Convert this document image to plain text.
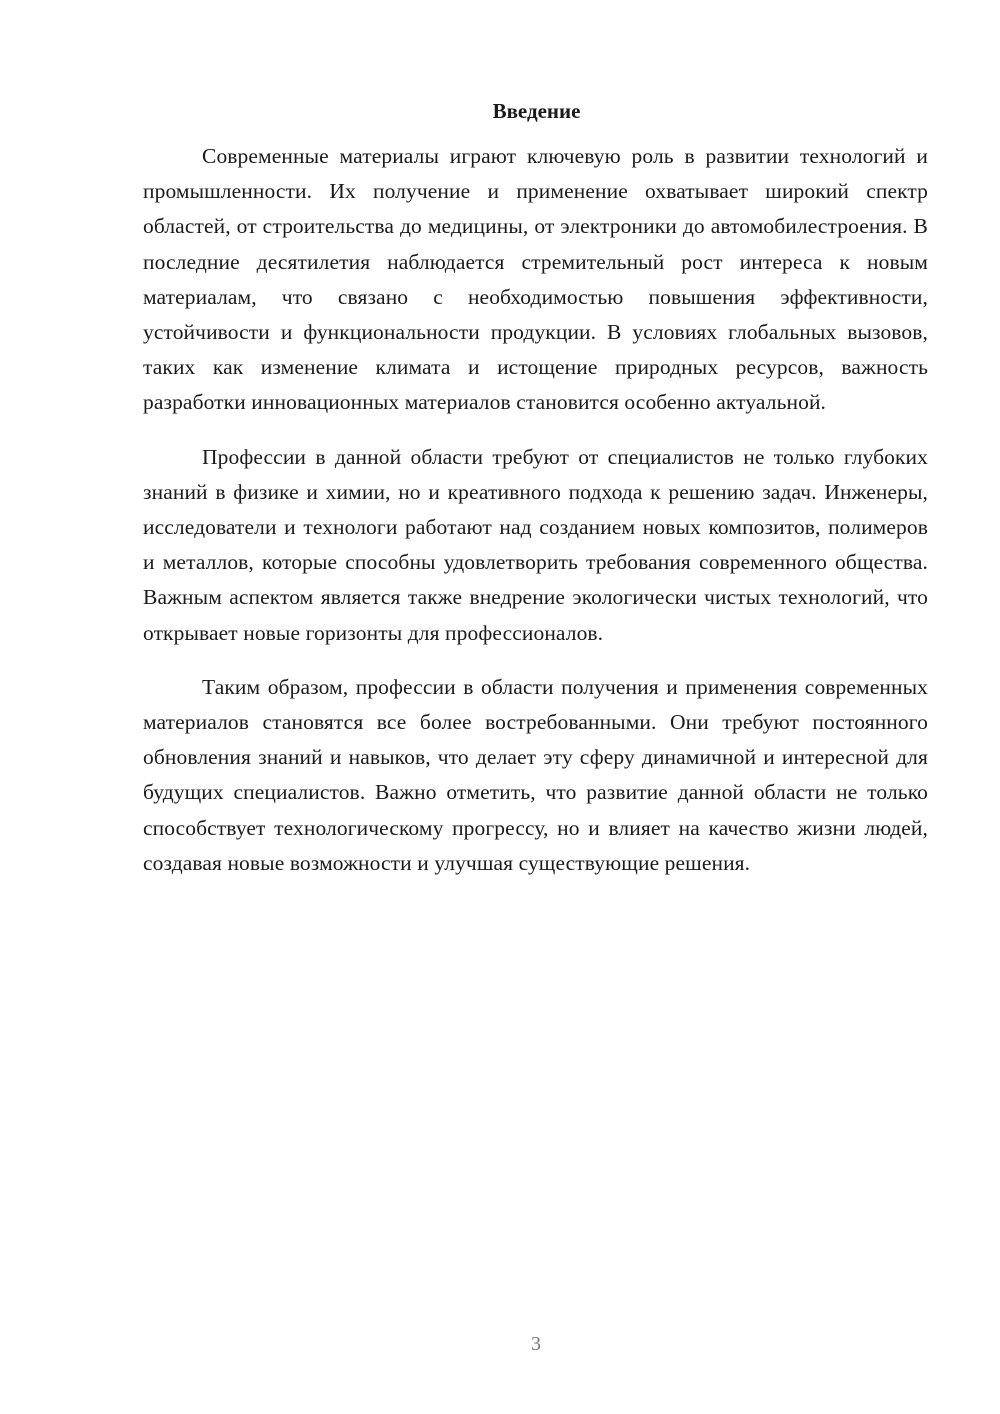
Введение

Современные материалы играют ключевую роль в развитии технологий и промышленности. Их получение и применение охватывает широкий спектр областей, от строительства до медицины, от электроники до автомобилестроения. В последние десятилетия наблюдается стремительный рост интереса к новым материалам, что связано с необходимостью повышения эффективности, устойчивости и функциональности продукции. В условиях глобальных вызовов, таких как изменение климата и истощение природных ресурсов, важность разработки инновационных материалов становится особенно актуальной.

Профессии в данной области требуют от специалистов не только глубоких знаний в физике и химии, но и креативного подхода к решению задач. Инженеры, исследователи и технологи работают над созданием новых композитов, полимеров и металлов, которые способны удовлетворить требования современного общества. Важным аспектом является также внедрение экологически чистых технологий, что открывает новые горизонты для профессионалов.

Таким образом, профессии в области получения и применения современных материалов становятся все более востребованными. Они требуют постоянного обновления знаний и навыков, что делает эту сферу динамичной и интересной для будущих специалистов. Важно отметить, что развитие данной области не только способствует технологическому прогрессу, но и влияет на качество жизни людей, создавая новые возможности и улучшая существующие решения.

3
